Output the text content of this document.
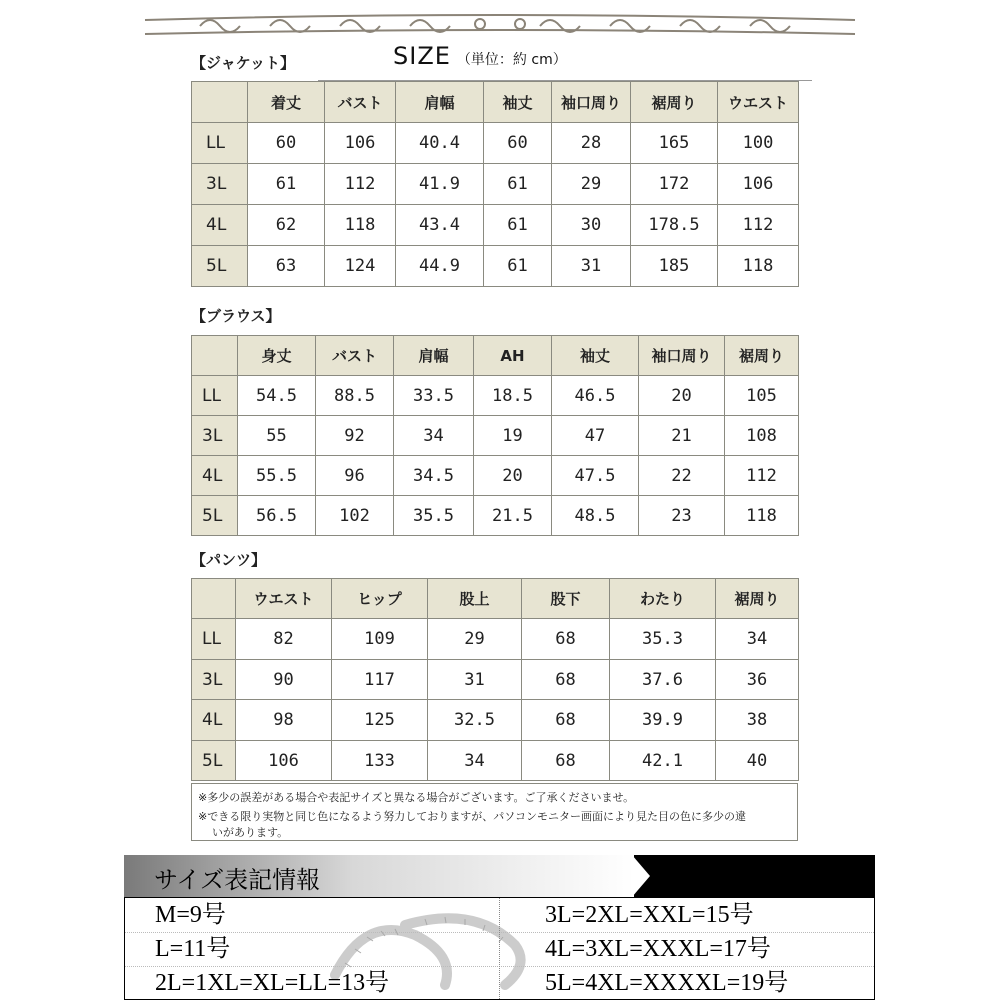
【ジャケット】	SIZE （単位：約 cm）
	着丈	バスト	肩幅	袖丈	袖口周り	裾周り	ウエスト
LL	60	106	40.4	60	28	165	100
3L	61	112	41.9	61	29	172	106
4L	62	118	43.4	61	30	178.5	112
5L	63	124	44.9	61	31	185	118
【ブラウス】
	身丈	バスト	肩幅	AH	袖丈	袖口周り	裾周り
LL	54.5	88.5	33.5	18.5	46.5	20	105
3L	55	92	34	19	47	21	108
4L	55.5	96	34.5	20	47.5	22	112
5L	56.5	102	35.5	21.5	48.5	23	118
【パンツ】
	ウエスト	ヒップ	股上	股下	わたり	裾周り
LL	82	109	29	68	35.3	34
3L	90	117	31	68	37.6	36
4L	98	125	32.5	68	39.9	38
5L	106	133	34	68	42.1	40
※多少の誤差がある場合や表記サイズと異なる場合がございます。ご了承くださいませ。
※できる限り実物と同じ色になるよう努力しておりますが、パソコンモニター画面により見た目の色に多少の違
いがあります。
サイズ表記情報
M=9号
L=11号
2L=1XL=XL=LL=13号
3L=2XL=XXL=15号
4L=3XL=XXXL=17号
5L=4XL=XXXXL=19号
